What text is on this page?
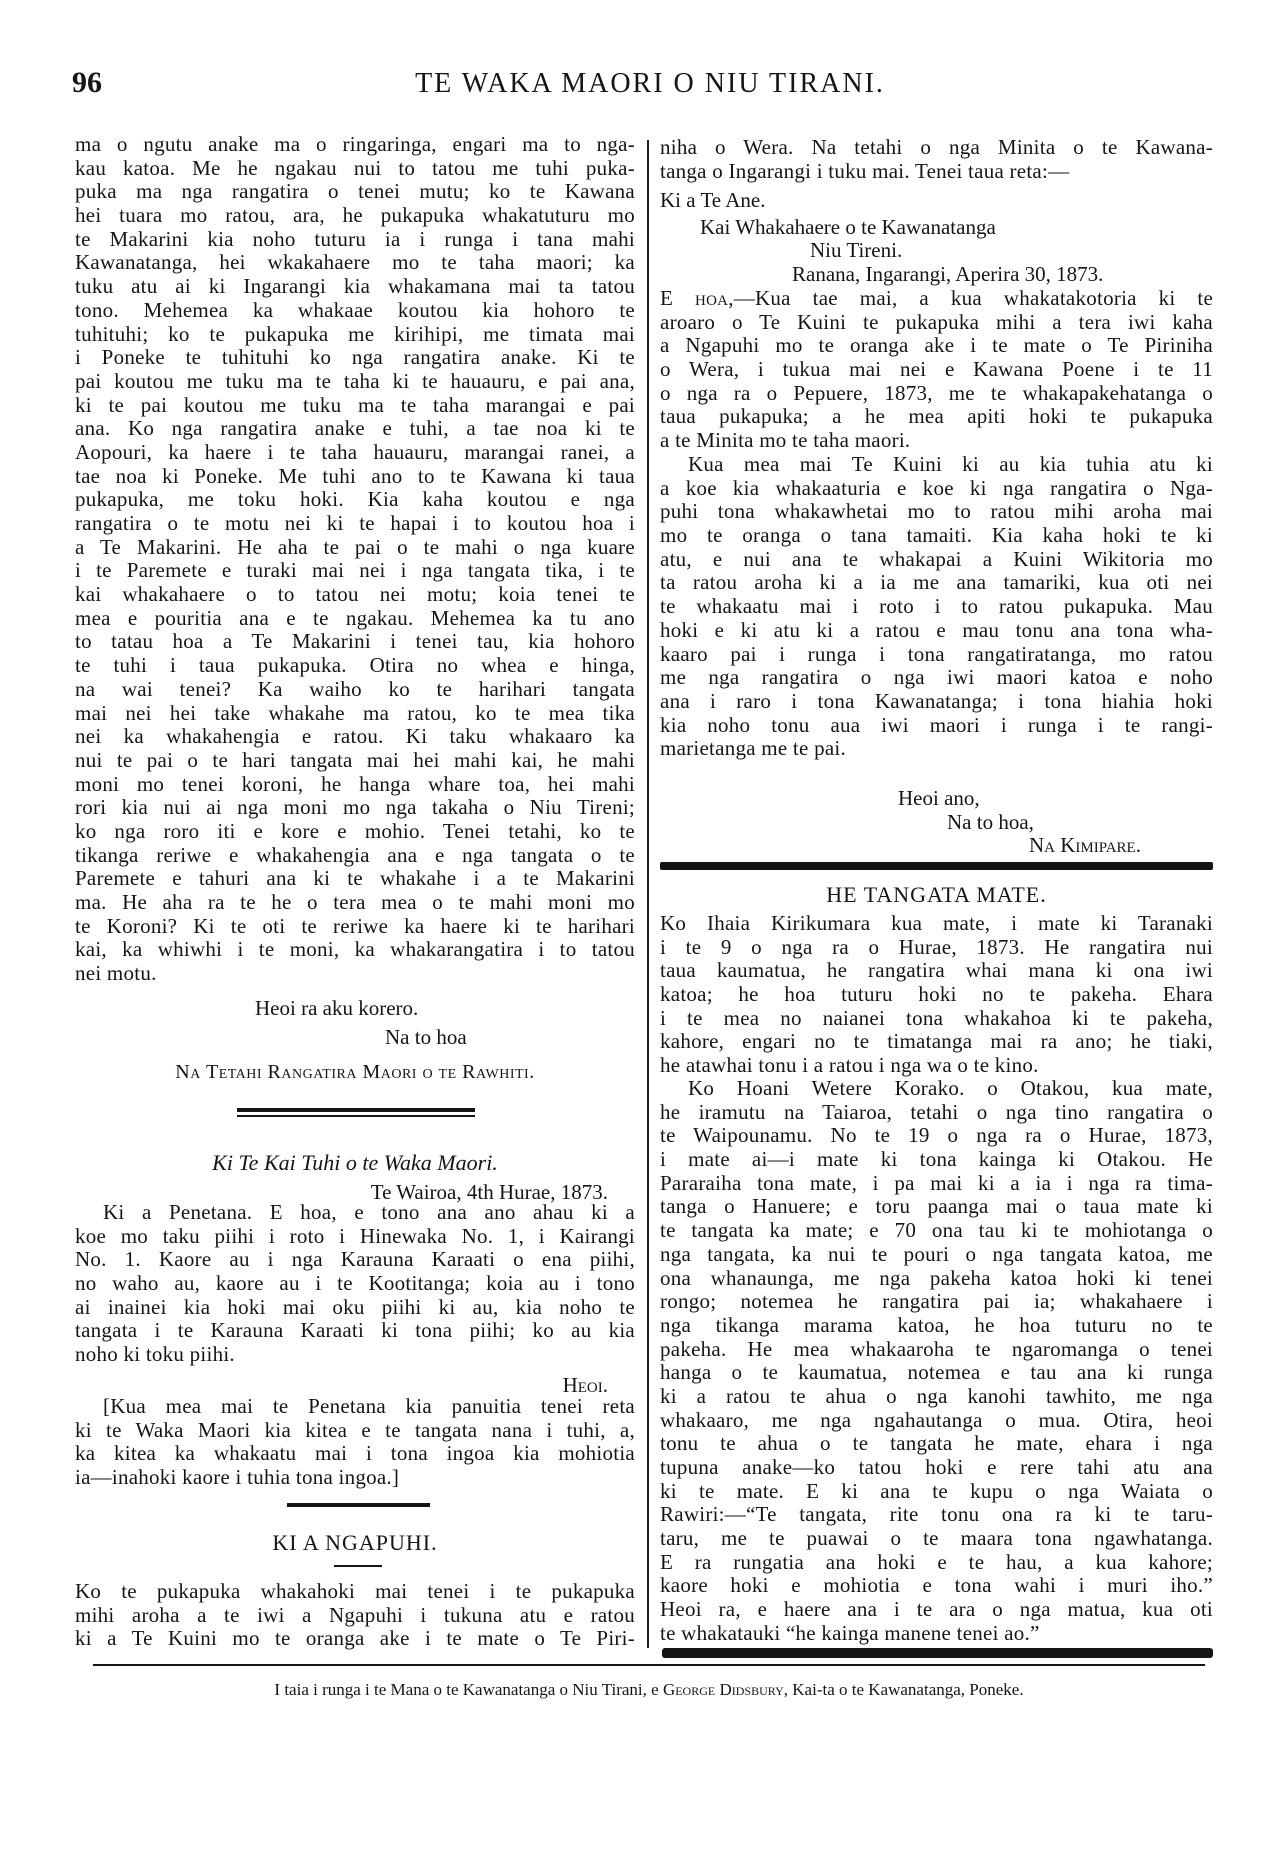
96	TE WAKA MAORI O NIU TIRANI.
ma o ngutu anake ma o ringaringa, engari ma to nga-
kau katoa. Me he ngakau nui to tatou me tuhi puka-
puka ma nga rangatira o tenei mutu; ko te Kawana
hei tuara mo ratou, ara, he pukapuka whakatuturu mo
te Makarini kia noho tuturu ia i runga i tana mahi
Kawanatanga, hei wkakahaere mo te taha maori; ka
tuku atu ai ki Ingarangi kia whakamana mai ta tatou
tono. Mehemea ka whakaae koutou kia hohoro te
tuhituhi; ko te pukapuka me kirihipi, me timata mai
i Poneke te tuhituhi ko nga rangatira anake. Ki te
pai koutou me tuku ma te taha ki te hauauru, e pai ana,
ki te pai koutou me tuku ma te taha marangai e pai
ana. Ko nga rangatira anake e tuhi, a tae noa ki te
Aopouri, ka haere i te taha hauauru, marangai ranei, a
tae noa ki Poneke. Me tuhi ano to te Kawana ki taua
pukapuka, me toku hoki. Kia kaha koutou e nga
rangatira o te motu nei ki te hapai i to koutou hoa i
a Te Makarini. He aha te pai o te mahi o nga kuare
i te Paremete e turaki mai nei i nga tangata tika, i te
kai whakahaere o to tatou nei motu; koia tenei te
mea e pouritia ana e te ngakau. Mehemea ka tu ano
to tatau hoa a Te Makarini i tenei tau, kia hohoro
te tuhi i taua pukapuka. Otira no whea e hinga,
na wai tenei? Ka waiho ko te harihari tangata
mai nei hei take whakahe ma ratou, ko te mea tika
nei ka whakahengia e ratou. Ki taku whakaaro ka
nui te pai o te hari tangata mai hei mahi kai, he mahi
moni mo tenei koroni, he hanga whare toa, hei mahi
rori kia nui ai nga moni mo nga takaha o Niu Tireni;
ko nga roro iti e kore e mohio. Tenei tetahi, ko te
tikanga reriwe e whakahengia ana e nga tangata o te
Paremete e tahuri ana ki te whakahe i a te Makarini
ma. He aha ra te he o tera mea o te mahi moni mo
te Koroni? Ki te oti te reriwe ka haere ki te harihari
kai, ka whiwhi i te moni, ka whakarangatira i to tatou
nei motu.
Heoi ra aku korero.
Na to hoa
Na Tetahi Rangatira Maori o te Rawhiti.
Ki Te Kai Tuhi o te Waka Maori.
Te Wairoa, 4th Hurae, 1873.
Ki a Penetana. E hoa, e tono ana ano ahau ki a
koe mo taku piihi i roto i Hinewaka No. 1, i Kairangi
No. 1. Kaore au i nga Karauna Karaati o ena piihi,
no waho au, kaore au i te Kootitanga; koia au i tono
ai inainei kia hoki mai oku piihi ki au, kia noho te
tangata i te Karauna Karaati ki tona piihi; ko au kia
noho ki toku piihi.
Heoi.
[Kua mea mai te Penetana kia panuitia tenei reta
ki te Waka Maori kia kitea e te tangata nana i tuhi, a,
ka kitea ka whakaatu mai i tona ingoa kia mohiotia
ia—inahoki kaore i tuhia tona ingoa.]
KI A NGAPUHI.
Ko te pukapuka whakahoki mai tenei i te pukapuka
mihi aroha a te iwi a Ngapuhi i tukuna atu e ratou
ki a Te Kuini mo te oranga ake i te mate o Te Piri-
niha o Wera. Na tetahi o nga Minita o te Kawana-
tanga o Ingarangi i tuku mai. Tenei taua reta:—
Ki a Te Ane.
Kai Whakahaere o te Kawanatanga
Niu Tireni.
Ranana, Ingarangi, Aperira 30, 1873.
E hoa,—Kua tae mai, a kua whakatakotoria ki te
aroaro o Te Kuini te pukapuka mihi a tera iwi kaha
a Ngapuhi mo te oranga ake i te mate o Te Piriniha
o Wera, i tukua mai nei e Kawana Poene i te 11
o nga ra o Pepuere, 1873, me te whakapakehatanga o
taua pukapuka; a he mea apiti hoki te pukapuka
a te Minita mo te taha maori.
Kua mea mai Te Kuini ki au kia tuhia atu ki
a koe kia whakaaturia e koe ki nga rangatira o Nga-
puhi tona whakawhetai mo to ratou mihi aroha mai
mo te oranga o tana tamaiti. Kia kaha hoki te ki
atu, e nui ana te whakapai a Kuini Wikitoria mo
ta ratou aroha ki a ia me ana tamariki, kua oti nei
te whakaatu mai i roto i to ratou pukapuka. Mau
hoki e ki atu ki a ratou e mau tonu ana tona wha-
kaaro pai i runga i tona rangatiratanga, mo ratou
me nga rangatira o nga iwi maori katoa e noho
ana i raro i tona Kawanatanga; i tona hiahia hoki
kia noho tonu aua iwi maori i runga i te rangi-
marietanga me te pai.
Heoi ano,
Na to hoa,
Na Kimipare.
HE TANGATA MATE.
Ko Ihaia Kirikumara kua mate, i mate ki Taranaki
i te 9 o nga ra o Hurae, 1873. He rangatira nui
taua kaumatua, he rangatira whai mana ki ona iwi
katoa; he hoa tuturu hoki no te pakeha. Ehara
i te mea no naianei tona whakahoa ki te pakeha,
kahore, engari no te timatanga mai ra ano; he tiaki,
he atawhai tonu i a ratou i nga wa o te kino.
Ko Hoani Wetere Korako. o Otakou, kua mate,
he iramutu na Taiaroa, tetahi o nga tino rangatira o
te Waipounamu. No te 19 o nga ra o Hurae, 1873,
i mate ai—i mate ki tona kainga ki Otakou. He
Pararaiha tona mate, i pa mai ki a ia i nga ra tima-
tanga o Hanuere; e toru paanga mai o taua mate ki
te tangata ka mate; e 70 ona tau ki te mohiotanga o
nga tangata, ka nui te pouri o nga tangata katoa, me
ona whanaunga, me nga pakeha katoa hoki ki tenei
rongo; notemea he rangatira pai ia; whakahaere i
nga tikanga marama katoa, he hoa tuturu no te
pakeha. He mea whakaaroha te ngaromanga o tenei
hanga o te kaumatua, notemea e tau ana ki runga
ki a ratou te ahua o nga kanohi tawhito, me nga
whakaaro, me nga ngahautanga o mua. Otira, heoi
tonu te ahua o te tangata he mate, ehara i nga
tupuna anake—ko tatou hoki e rere tahi atu ana
ki te mate. E ki ana te kupu o nga Waiata o
Rawiri:—“Te tangata, rite tonu ona ra ki te taru-
taru, me te puawai o te maara tona ngawhatanga.
E ra rungatia ana hoki e te hau, a kua kahore;
kaore hoki e mohiotia e tona wahi i muri iho.”
Heoi ra, e haere ana i te ara o nga matua, kua oti
te whakatauki “he kainga manene tenei ao.”
I taia i runga i te Mana o te Kawanatanga o Niu Tirani, e George Didsbury, Kai-ta o te Kawanatanga, Poneke.
